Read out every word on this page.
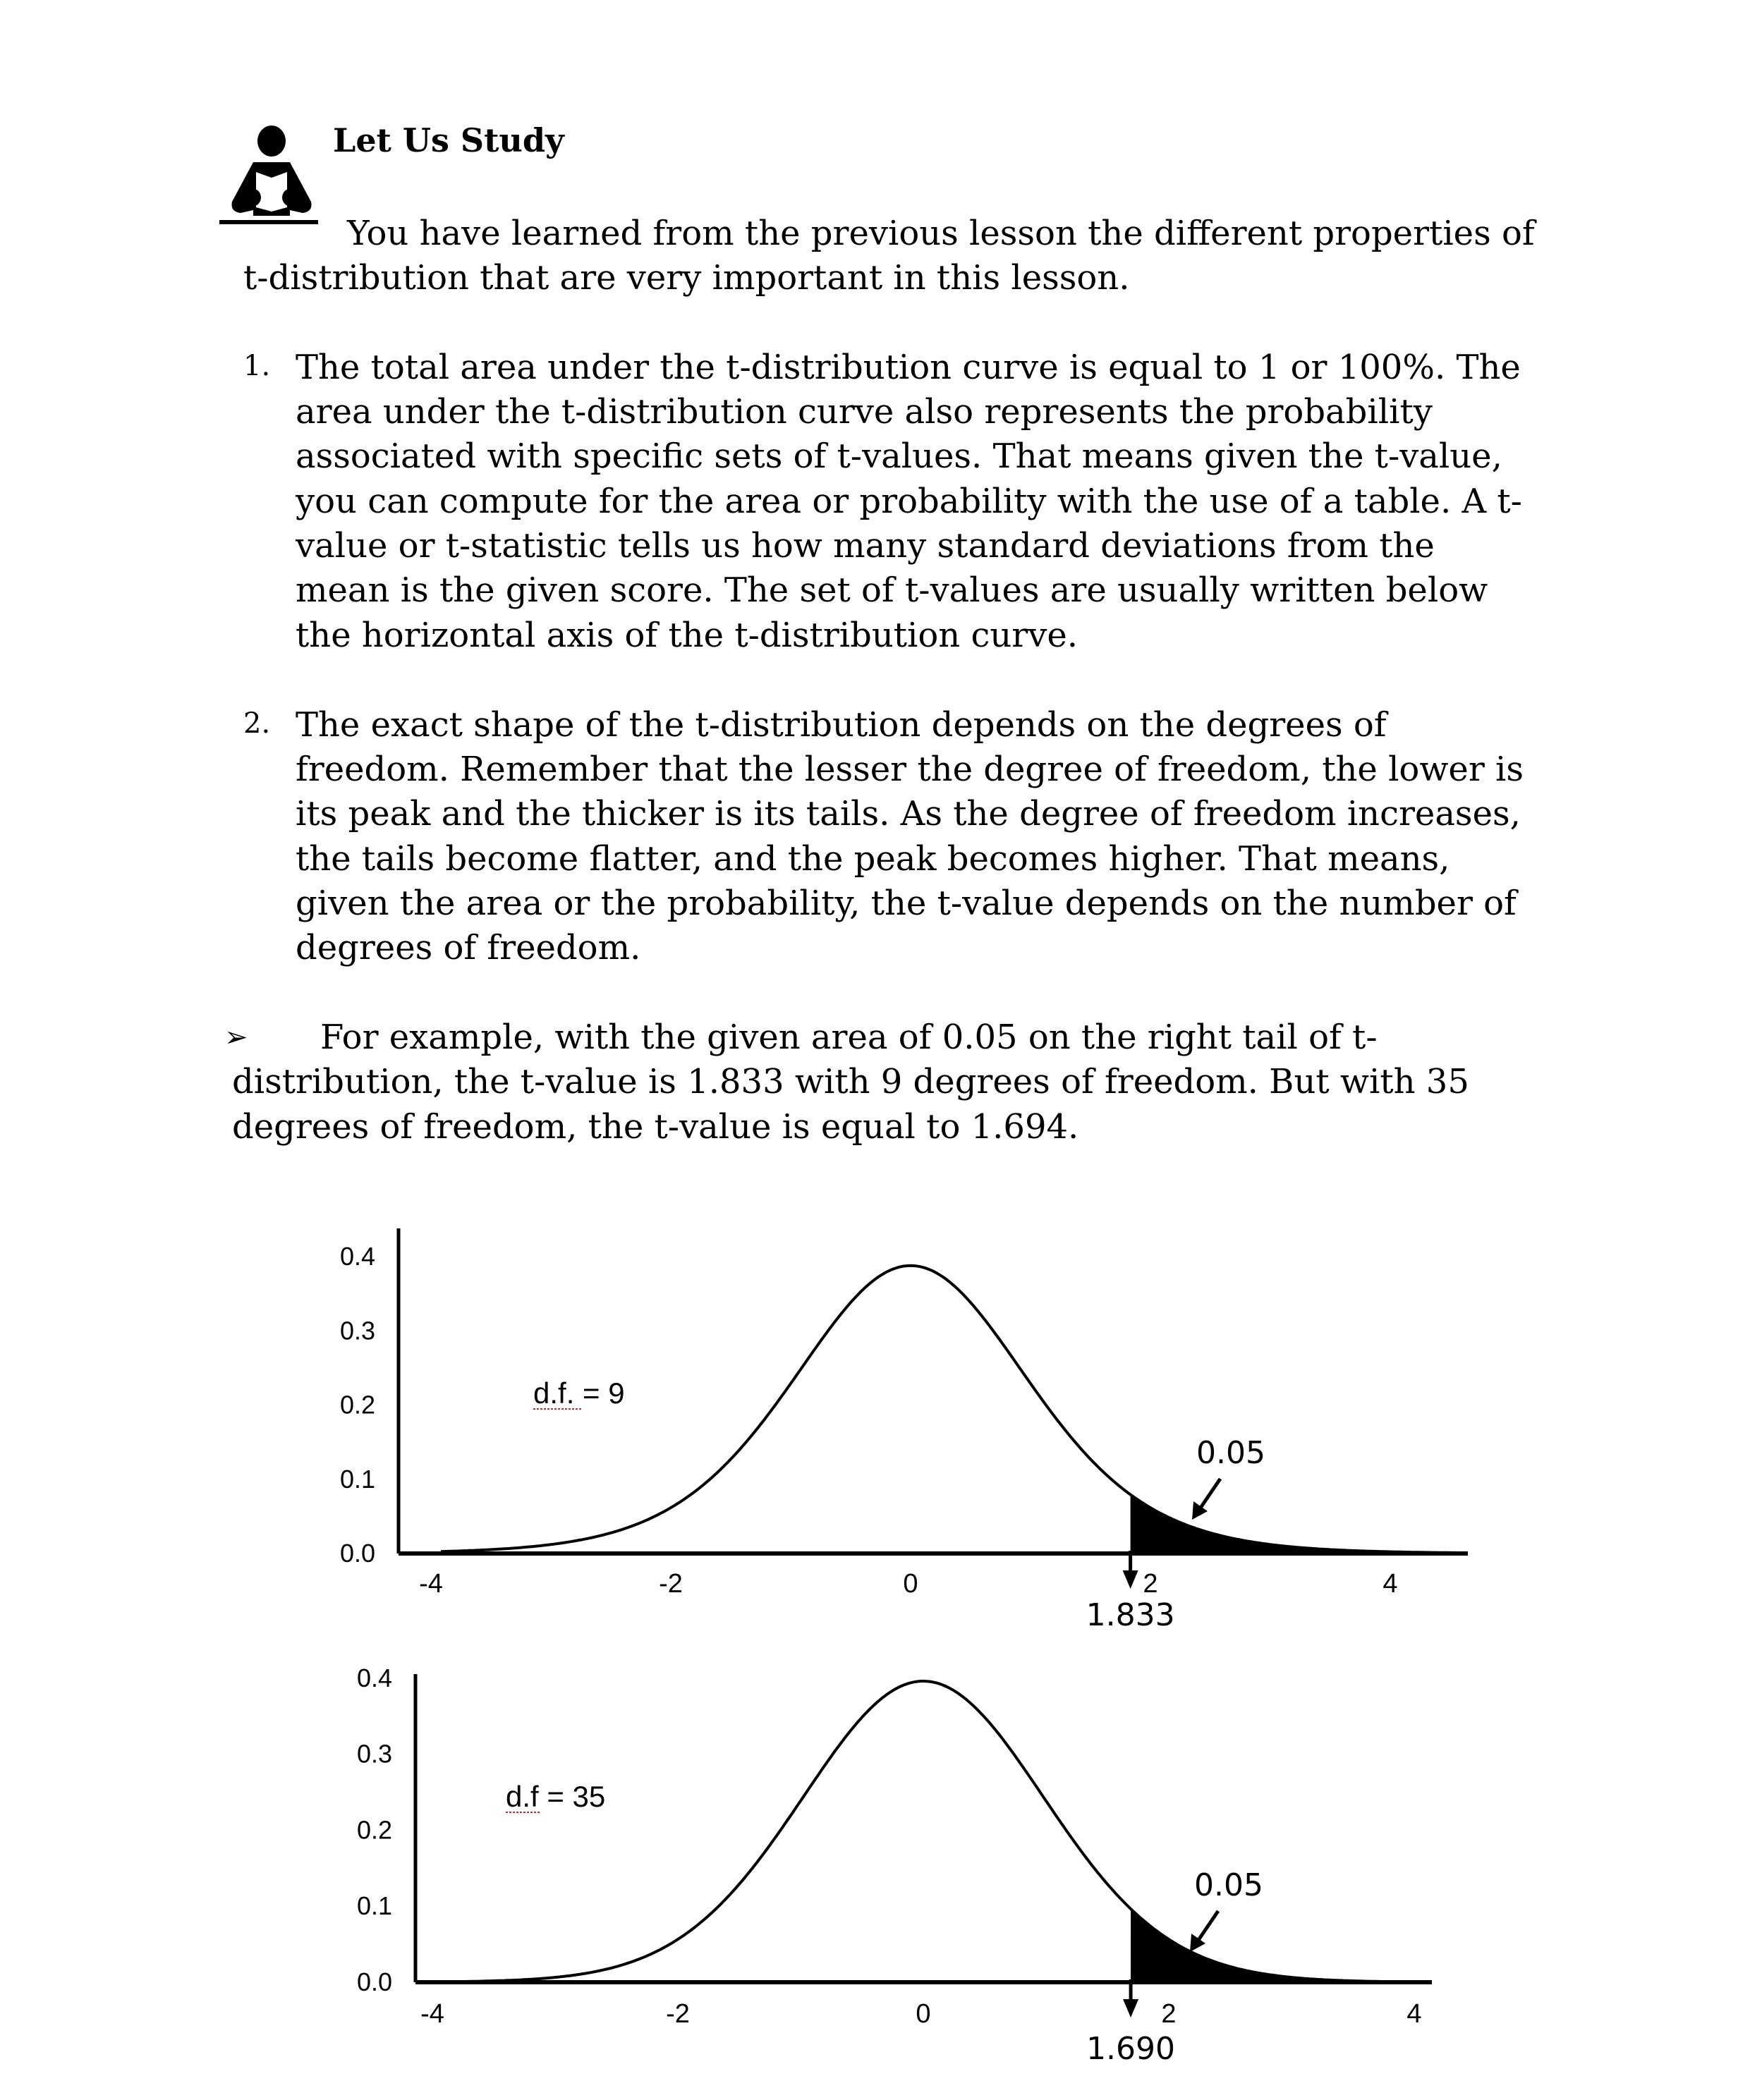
Let Us Study
You have learned from the previous lesson the different properties of
t-distribution that are very important in this lesson.
1. The total area under the t-distribution curve is equal to 1 or 100%. The
area under the t-distribution curve also represents the probability
associated with specific sets of t-values. That means given the t-value,
you can compute for the area or probability with the use of a table. A t-
value or t-statistic tells us how many standard deviations from the
mean is the given score. The set of t-values are usually written below
the horizontal axis of the t-distribution curve.
2. The exact shape of the t-distribution depends on the degrees of
freedom. Remember that the lesser the degree of freedom, the lower is
its peak and the thicker is its tails. As the degree of freedom increases,
the tails become flatter, and the peak becomes higher. That means,
given the area or the probability, the t-value depends on the number of
degrees of freedom.
➢ For example, with the given area of 0.05 on the right tail of t-
distribution, the t-value is 1.833 with 9 degrees of freedom. But with 35
degrees of freedom, the t-value is equal to 1.694.
0.4
0.3
0.2
0.1
0.0
-4	-2	0	2	4
1.833
0.05
d.f. = 9
0.4
0.3
0.2
0.1
0.0
-4	-2	0	2	4
1.690
0.05
d.f = 35
